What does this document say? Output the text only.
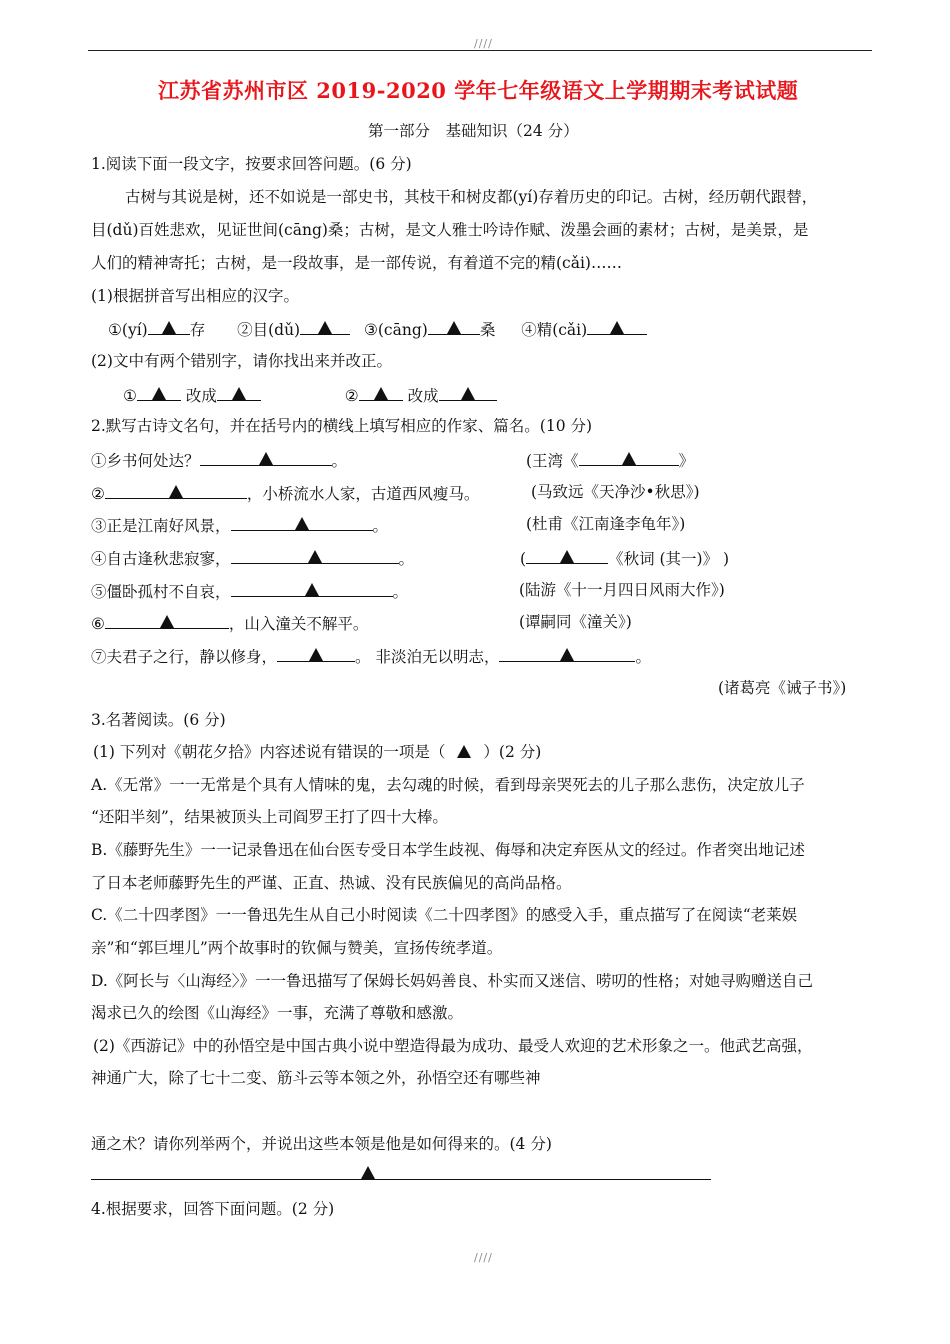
////
江苏省苏州市区 2019-2020 学年七年级语文上学期期末考试试题
第一部分　基础知识（24 分）
1.阅读下面一段文字，按要求回答问题。(6 分)
古树与其说是树，还不如说是一部史书，其枝干和树皮都(yí)存着历史的印记。古树，经历朝代跟替，
目(dǔ)百姓悲欢，见证世间(cāng)桑；古树，是文人雅士吟诗作赋、泼墨会画的素材；古树，是美景，是
人们的精神寄托；古树，是一段故事，是一部传说，有着道不完的精(cǎi)……
(1)根据拼音写出相应的汉字。
①(yí)	存 ②目(dǔ)	③(cāng)	桑 ④精(cǎi)
(2)文中有两个错别字，请你找出来并改正。
①	改成	②	改成
2.默写古诗文名句，并在括号内的横线上填写相应的作家、篇名。(10 分)
①乡书何处达？	。	(王湾《	》
②	，小桥流水人家，古道西风瘦马。	(马致远《天净沙•秋思》)
③正是江南好风景，	。	(杜甫《江南逢李龟年》)
④自古逢秋悲寂寥，	。	(	《秋词 (其一)》 )
⑤僵卧孤村不自哀，	。	(陆游《十一月四日风雨大作》)
⑥	，山入潼关不解平。	(谭嗣同《潼关》)
⑦夫君子之行，静以修身，	。 非淡泊无以明志，	。
(诸葛亮《诫子书》)
3.名著阅读。(6 分)
(1) 下列对《朝花夕拾》内容述说有错误的一项是（ ）(2 分)
A.《无常》一一无常是个具有人情味的鬼，去勾魂的时候，看到母亲哭死去的儿子那么悲伤，决定放儿子
“还阳半刻”，结果被顶头上司阎罗王打了四十大棒。
B.《藤野先生》一一记录鲁迅在仙台医专受日本学生歧视、侮辱和决定弃医从文的经过。作者突出地记述
了日本老师藤野先生的严谨、正直、热诚、没有民族偏见的高尚品格。
C.《二十四孝图》一一鲁迅先生从自己小时阅读《二十四孝图》的感受入手，重点描写了在阅读“老莱娱
亲”和“郭巨埋儿”两个故事时的钦佩与赞美，宣扬传统孝道。
D.《阿长与〈山海经〉》一一鲁迅描写了保姆长妈妈善良、朴实而又迷信、唠叨的性格；对她寻购赠送自己
渴求已久的绘图《山海经》一事，充满了尊敬和感激。
(2)《西游记》中的孙悟空是中国古典小说中塑造得最为成功、最受人欢迎的艺术形象之一。他武艺高强，
神通广大，除了七十二变、筋斗云等本领之外，孙悟空还有哪些神
通之术？请你列举两个，并说出这些本领是他是如何得来的。(4 分)
4.根据要求，回答下面问题。(2 分)
////
